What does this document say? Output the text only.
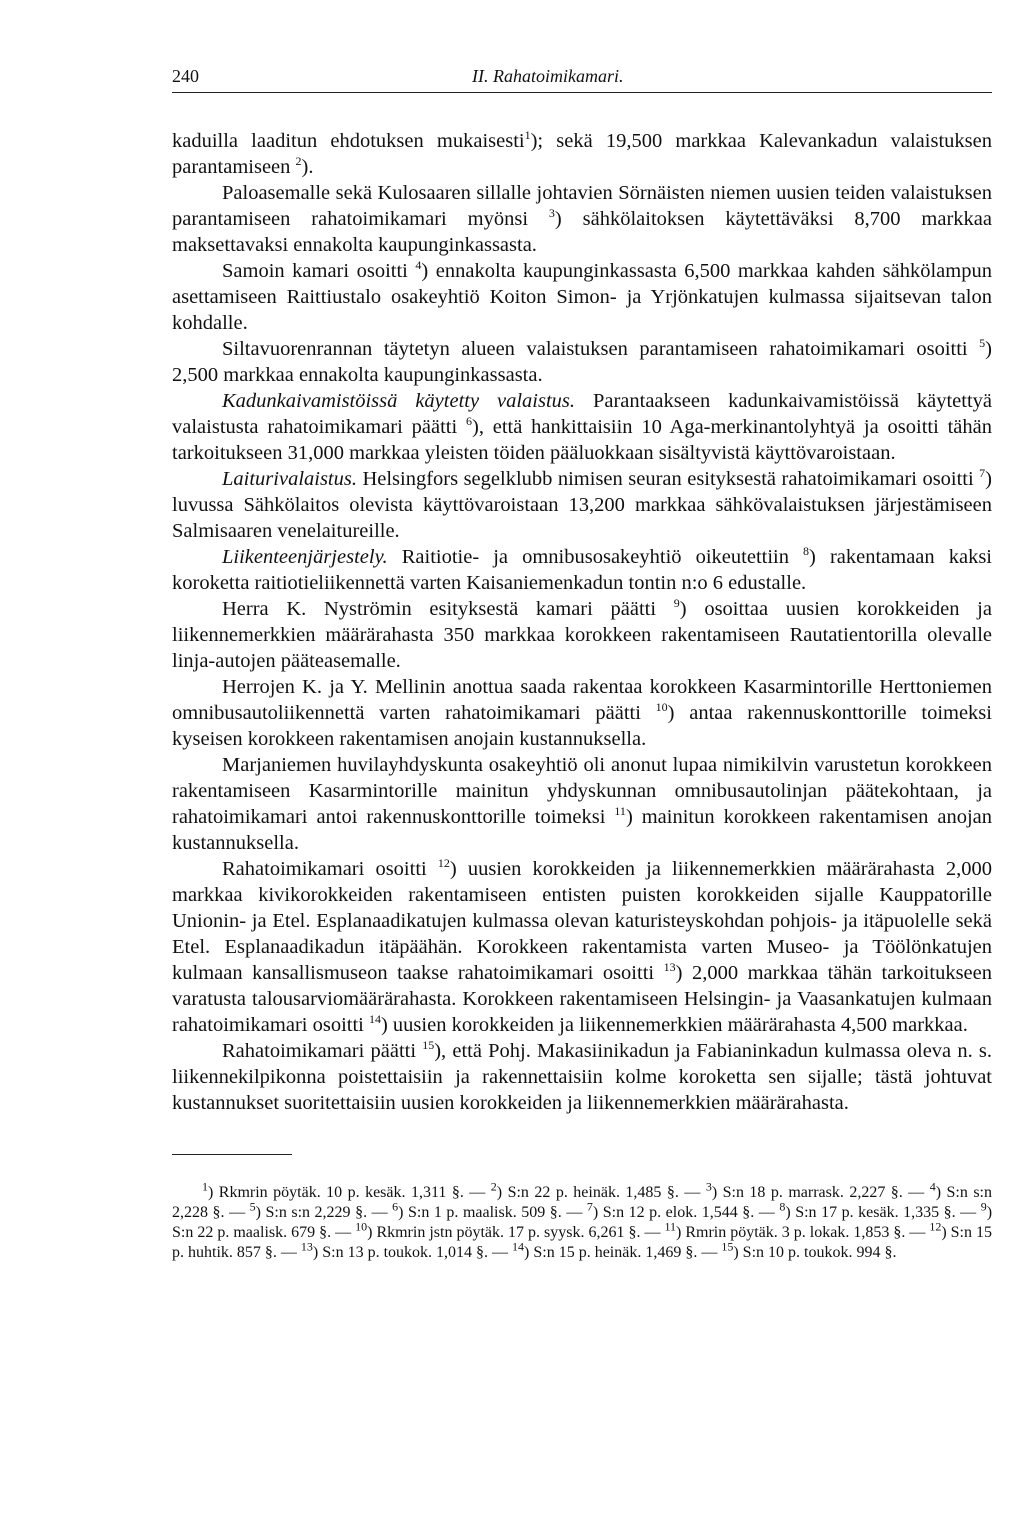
240	II. Rahatoimikamari.

kaduilla laaditun ehdotuksen mukaisesti$^1$); sekä 19,500 markkaa Kalevankadun valaistuksen parantamiseen $^2$).

Paloasemalle sekä Kulosaaren sillalle johtavien Sörnäisten niemen uusien teiden valaistuksen parantamiseen rahatoimikamari myönsi $^3$) sähkölaitoksen käytettäväksi 8,700 markkaa maksettavaksi ennakolta kaupunginkassasta.

Samoin kamari osoitti $^4$) ennakolta kaupunginkassasta 6,500 markkaa kahden sähkölampun asettamiseen Raittiustalo osakeyhtiö Koiton Simon- ja Yrjönkatujen kulmassa sijaitsevan talon kohdalle.

Siltavuorenrannan täytetyn alueen valaistuksen parantamiseen rahatoimikamari osoitti $^5$) 2,500 markkaa ennakolta kaupunginkassasta.

Kadunkaivamistöissä käytetty valaistus. Parantaakseen kadunkaivamistöissä käytettyä valaistusta rahatoimikamari päätti $^6$), että hankittaisiin 10 Aga-merkinantolyhtyä ja osoitti tähän tarkoitukseen 31,000 markkaa yleisten töiden pääluokkaan sisältyvistä käyttövaroistaan.

Laiturivalaistus. Helsingfors segelklubb nimisen seuran esityksestä rahatoimikamari osoitti $^7$) luvussa Sähkölaitos olevista käyttövaroistaan 13,200 markkaa sähkövalaistuksen järjestämiseen Salmisaaren venelaitureille.

Liikenteenjärjestely. Raitiotie- ja omnibusosakeyhtiö oikeutettiin $^8$) rakentamaan kaksi koroketta raitiotieliikennettä varten Kaisaniemenkadun tontin n:o 6 edustalle.

Herra K. Nyströmin esityksestä kamari päätti $^9$) osoittaa uusien korokkeiden ja liikennemerkkien määrärahasta 350 markkaa korokkeen rakentamiseen Rautatientorilla olevalle linja-autojen pääteasemalle.

Herrojen K. ja Y. Mellinin anottua saada rakentaa korokkeen Kasarmintorille Herttoniemen omnibusautoliikennettä varten rahatoimikamari päätti $^{10}$) antaa rakennuskonttorille toimeksi kyseisen korokkeen rakentamisen anojain kustannuksella.

Marjaniemen huvilayhdyskunta osakeyhtiö oli anonut lupaa nimikilvin varustetun korokkeen rakentamiseen Kasarmintorille mainitun yhdyskunnan omnibusautolinjan päätekohtaan, ja rahatoimikamari antoi rakennuskonttorille toimeksi $^{11}$) mainitun korokkeen rakentamisen anojan kustannuksella.

Rahatoimikamari osoitti $^{12}$) uusien korokkeiden ja liikennemerkkien määrärahasta 2,000 markkaa kivikorokkeiden rakentamiseen entisten puisten korokkeiden sijalle Kauppatorille Unionin- ja Etel. Esplanaadikatujen kulmassa olevan katuristeyskohdan pohjois- ja itäpuolelle sekä Etel. Esplanaadikadun itäpäähän. Korokkeen rakentamista varten Museo- ja Töölönkatujen kulmaan kansallismuseon taakse rahatoimikamari osoitti $^{13}$) 2,000 markkaa tähän tarkoitukseen varatusta talousarviomäärärahasta. Korokkeen rakentamiseen Helsingin- ja Vaasankatujen kulmaan rahatoimikamari osoitti $^{14}$) uusien korokkeiden ja liikennemerkkien määrärahasta 4,500 markkaa.

Rahatoimikamari päätti $^{15}$), että Pohj. Makasiinikadun ja Fabianinkadun kulmassa oleva n. s. liikennekilpikonna poistettaisiin ja rakennettaisiin kolme koroketta sen sijalle; tästä johtuvat kustannukset suoritettaisiin uusien korokkeiden ja liikennemerkkien määrärahasta.

$^1$) Rkmrin pöytäk. 10 p. kesäk. 1,311 §. — $^2$) S:n 22 p. heinäk. 1,485 §. — $^3$) S:n 18 p. marrask. 2,227 §. — $^4$) S:n s:n 2,228 §. — $^5$) S:n s:n 2,229 §. — $^6$) S:n 1 p. maalisk. 509 §. — $^7$) S:n 12 p. elok. 1,544 §. — $^8$) S:n 17 p. kesäk. 1,335 §. — $^9$) S:n 22 p. maalisk. 679 §. — $^{10}$) Rkmrin jstn pöytäk. 17 p. syysk. 6,261 §. — $^{11}$) Rmrin pöytäk. 3 p. lokak. 1,853 §. — $^{12}$) S:n 15 p. huhtik. 857 §. — $^{13}$) S:n 13 p. toukok. 1,014 §. — $^{14}$) S:n 15 p. heinäk. 1,469 §. — $^{15}$) S:n 10 p. toukok. 994 §.
